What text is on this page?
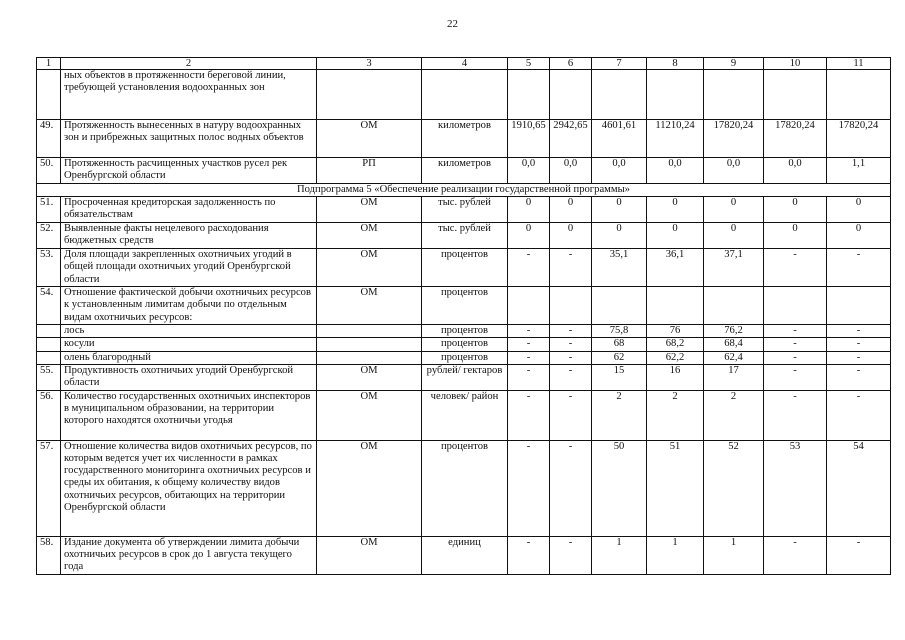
22
1	2	3	4	5	6	7	8	9	10	11
	ных объектов в протяженности береговой линии, требующей установления водоохранных зон									
49.	Протяженность вынесенных в натуру водоохранных зон и прибрежных защитных полос водных объектов	ОМ	километров	1910,65	2942,65	4601,61	11210,24	17820,24	17820,24	17820,24
50.	Протяженность расчищенных участков русел рек Оренбургской области	РП	километров	0,0	0,0	0,0	0,0	0,0	0,0	1,1
Подпрограмма 5 «Обеспечение реализации государственной программы»										
51.	Просроченная кредиторская задолженность по обязательствам	ОМ	тыс. рублей	0	0	0	0	0	0	0
52.	Выявленные факты нецелевого расходования бюджетных средств	ОМ	тыс. рублей	0	0	0	0	0	0	0
53.	Доля площади закрепленных охотничьих угодий в общей площади охотничьих угодий Оренбургской области	ОМ	процентов	-	-	35,1	36,1	37,1	-	-
54.	Отношение фактической добычи охотничьих ресурсов к установленным лимитам добычи по отдельным видам охотничьих ресурсов:	ОМ	процентов							
	лось		процентов	-	-	75,8	76	76,2	-	-
	косули		процентов	-	-	68	68,2	68,4	-	-
	олень благородный		процентов	-	-	62	62,2	62,4	-	-
55.	Продуктивность охотничьих угодий Оренбургской области	ОМ	рублей/ гектаров	-	-	15	16	17	-	-
56.	Количество государственных охотничьих инспекторов в муниципальном образовании, на территории которого находятся охотничьи угодья	ОМ	человек/ район	-	-	2	2	2	-	-
57.	Отношение количества видов охотничьих ресурсов, по которым ведется учет их численности в рамках государственного мониторинга охотничьих ресурсов и среды их обитания, к общему количеству видов охотничьих ресурсов, обитающих на территории Оренбургской области	ОМ	процентов	-	-	50	51	52	53	54
58.	Издание документа об утверждении лимита добычи охотничьих ресурсов в срок до 1 августа текущего года	ОМ	единиц	-	-	1	1	1	-	-
